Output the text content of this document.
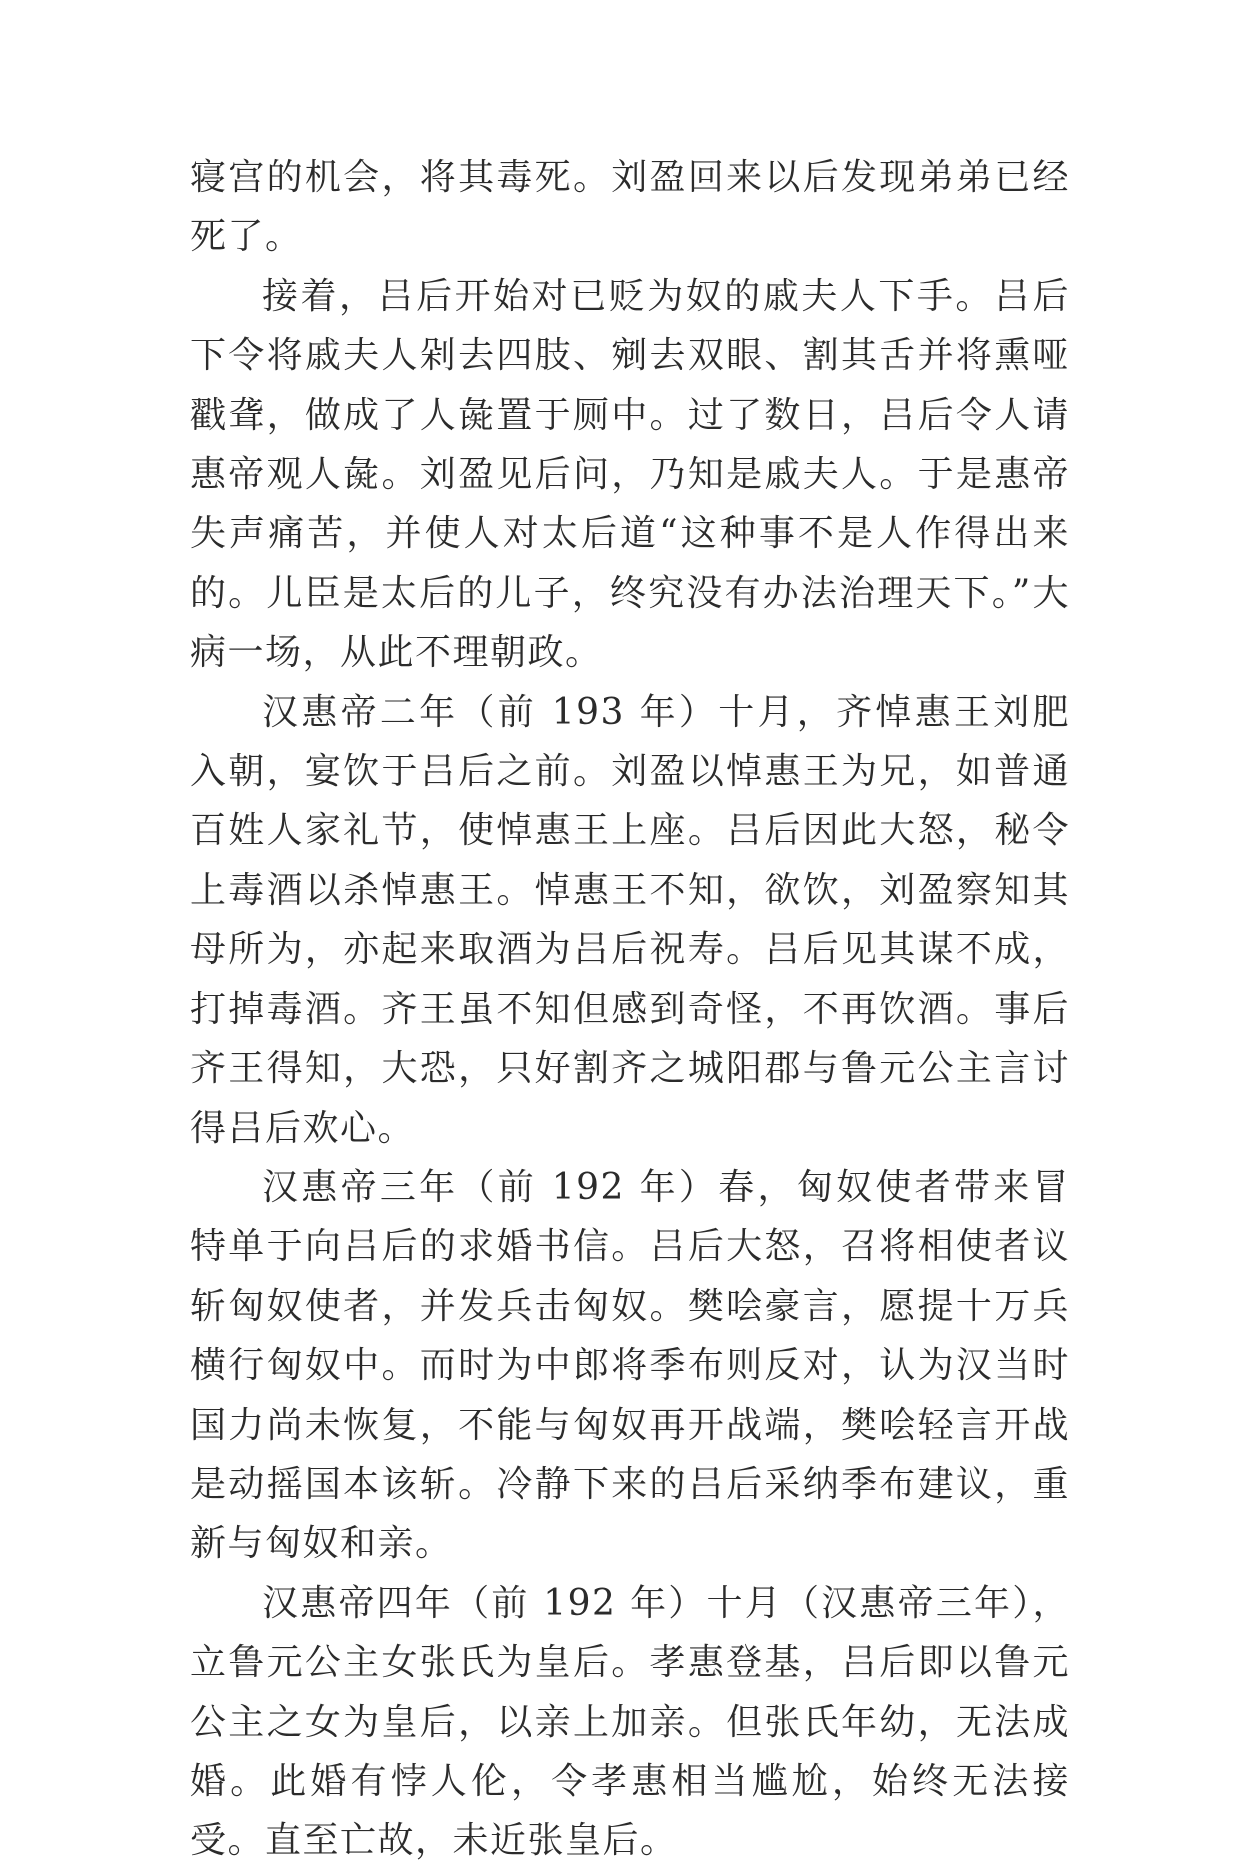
寝宫的机会，将其毒死。刘盈回来以后发现弟弟已经死了。

接着，吕后开始对已贬为奴的戚夫人下手。吕后下令将戚夫人剁去四肢、剜去双眼、割其舌并将熏哑戳聋，做成了人彘置于厕中。过了数日，吕后令人请惠帝观人彘。刘盈见后问，乃知是戚夫人。于是惠帝失声痛苦，并使人对太后道“这种事不是人作得出来的。儿臣是太后的儿子，终究没有办法治理天下。”大病一场，从此不理朝政。

汉惠帝二年（前 193 年）十月，齐悼惠王刘肥入朝，宴饮于吕后之前。刘盈以悼惠王为兄，如普通百姓人家礼节，使悼惠王上座。吕后因此大怒，秘令上毒酒以杀悼惠王。悼惠王不知，欲饮，刘盈察知其母所为，亦起来取酒为吕后祝寿。吕后见其谋不成，打掉毒酒。齐王虽不知但感到奇怪，不再饮酒。事后齐王得知，大恐，只好割齐之城阳郡与鲁元公主言讨得吕后欢心。

汉惠帝三年（前 192 年）春，匈奴使者带来冒特单于向吕后的求婚书信。吕后大怒，召将相使者议斩匈奴使者，并发兵击匈奴。樊哙豪言，愿提十万兵横行匈奴中。而时为中郎将季布则反对，认为汉当时国力尚未恢复，不能与匈奴再开战端，樊哙轻言开战是动摇国本该斩。冷静下来的吕后采纳季布建议，重新与匈奴和亲。

汉惠帝四年（前 192 年）十月（汉惠帝三年），立鲁元公主女张氏为皇后。孝惠登基，吕后即以鲁元公主之女为皇后，以亲上加亲。但张氏年幼，无法成婚。此婚有悖人伦，令孝惠相当尴尬，始终无法接受。直至亡故，未近张皇后。
